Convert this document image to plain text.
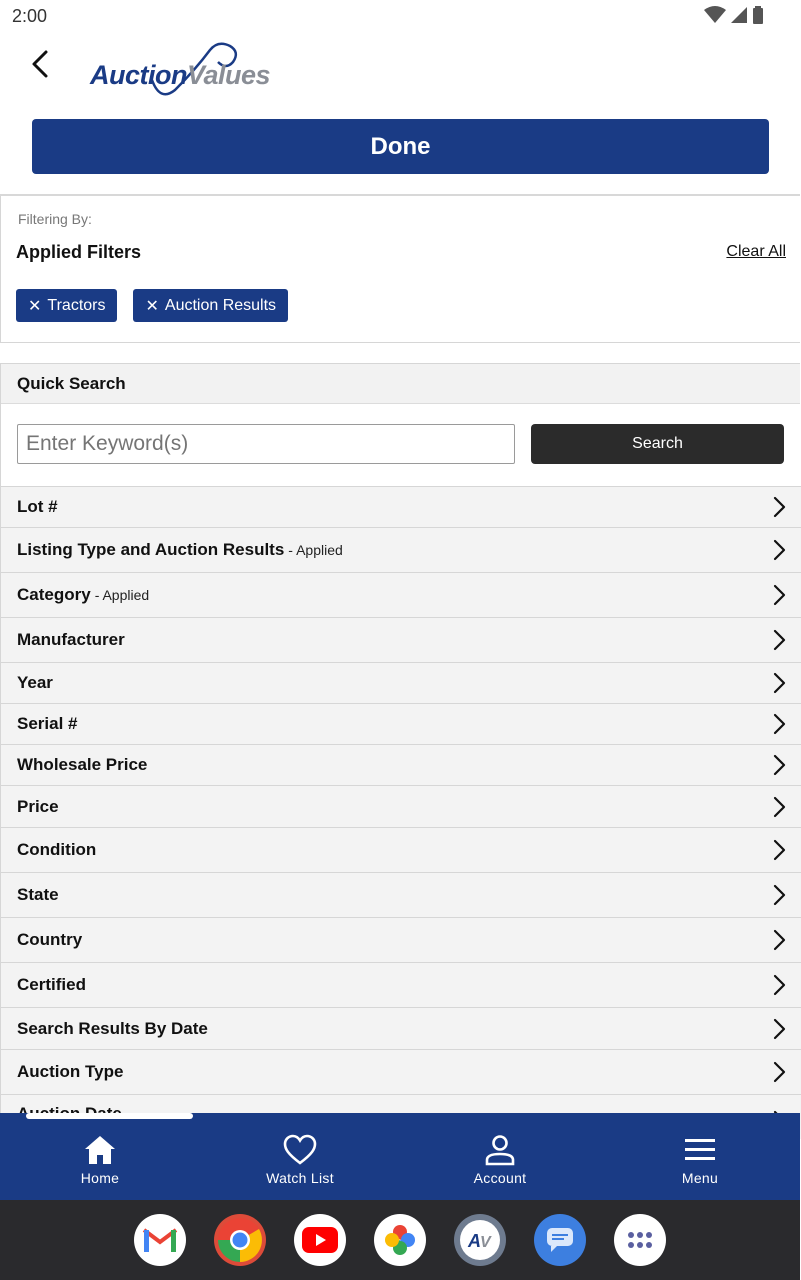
2:00
AuctionValues
Done
Filtering By:
Applied Filters	Clear All
✕ Tractors	✕ Auction Results
Quick Search
Enter Keyword(s)
Search
Lot #
Listing Type and Auction Results - Applied
Category - Applied
Manufacturer
Year
Serial #
Wholesale Price
Price
Condition
State
Country
Certified
Search Results By Date
Auction Type
Home	Watch List	Account	Menu
A V
